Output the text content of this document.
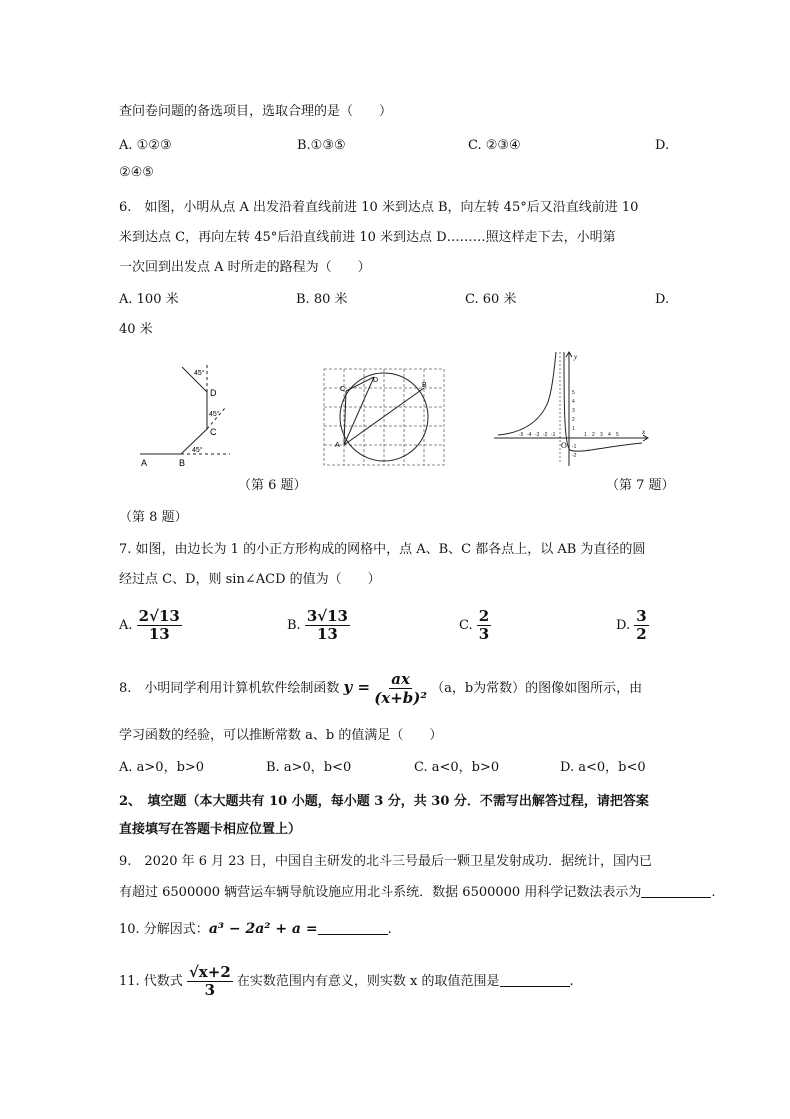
查问卷问题的备选项目，选取合理的是（　　）
A. ①②③	B.①③⑤	C. ②③④	D.
②④⑤
6.　如图，小明从点 A 出发沿着直线前进 10 米到达点 B，向左转 45°后又沿直线前进 10
米到达点 C，再向左转 45°后沿直线前进 10 米到达点 D………照这样走下去，小明第
一次回到出发点 A 时所走的路程为（　　）
A. 100 米	B. 80 米	C. 60 米	D.
40 米
A	B
C
D
45°
45°
45°
（第 6 题）
A
B
C
D
-5 -4 -3 -2 -1	1 2 3 4 5
5
4
3
2
1
-1
-2
y
x
O
（第 7 题）
（第 8 题）
7. 如图，由边长为 1 的小正方形构成的网格中，点 A、B、C 都各点上，以 AB 为直径的圆
经过点 C、D，则 sin∠ACD 的值为（　　）
A. $\frac{2√13}{13}$	B. $\frac{3√13}{13}$	C. $\frac{2}{3}$	D. $\frac{3}{2}$
8.　小明同学利用计算机软件绘制函数 $y = \frac{ax}{\text{(x+b)²}} (a$，b为常数）的图像如图所示，由
学习函数的经验，可以推断常数 a、b 的值满足（　　）
A. a>0，b>0	B. a>0，b<0	C. a<0，b>0	D. a<0，b<0
2、　填空题（本大题共有 10 小题，每小题 3 分，共 30 分．不需写出解答过程，请把答案
直接填写在答题卡相应位置上）
9.　2020 年 6 月 23 日，中国自主研发的北斗三号最后一颗卫星发射成功．据统计，国内已
有超过 6500000 辆营运车辆导航设施应用北斗系统．数据 6500000 用科学记数法表示为	.
10. 分解因式：a³ − 2a² + a =	.
11. 代数式 $\frac{√x+2}{3}$ 在实数范围内有意义，则实数 x 的取值范围是	.
